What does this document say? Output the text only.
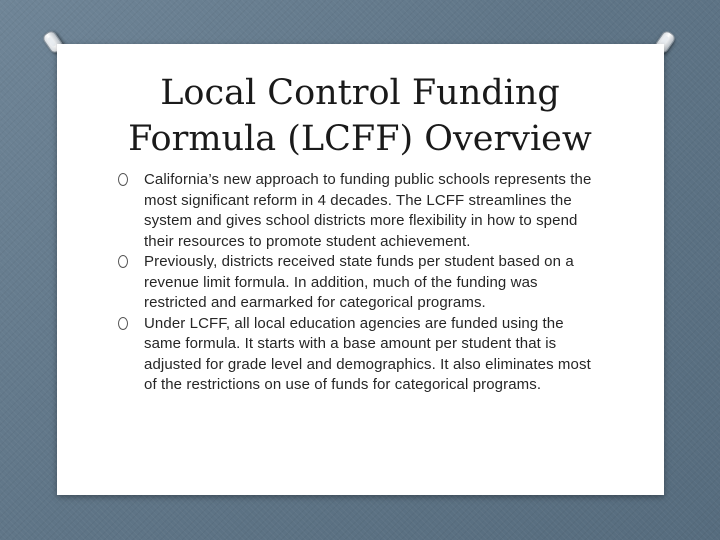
Local Control Funding
Formula (LCFF) Overview
California’s new approach to funding public schools represents the most significant reform in 4 decades. The LCFF streamlines the system and gives school districts more flexibility in how to spend their resources to promote student achievement.
Previously, districts received state funds per student based on a revenue limit formula. In addition, much of the funding was restricted and earmarked for categorical programs.
Under LCFF, all local education agencies are funded using the same formula. It starts with a base amount per student that is adjusted for grade level and demographics. It also eliminates most of the restrictions on use of funds for categorical programs.
